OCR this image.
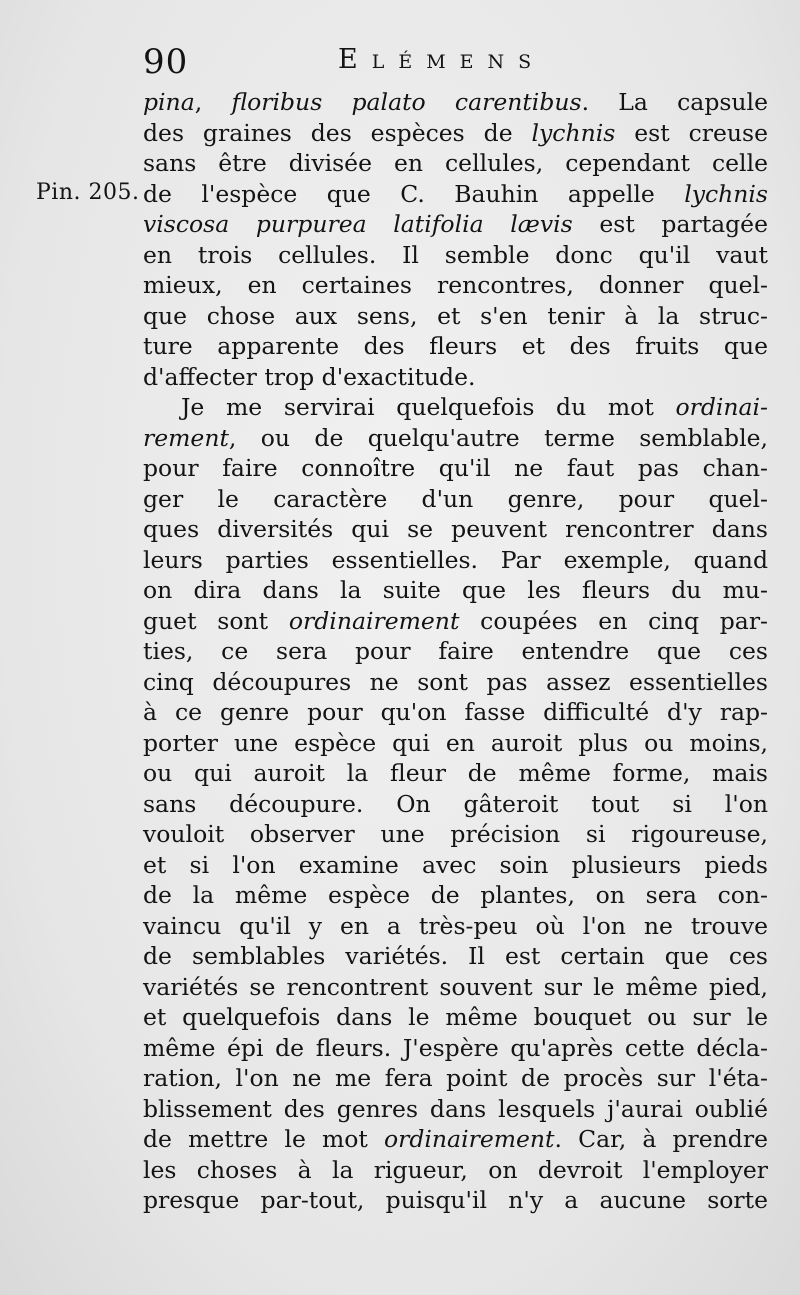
90	Elémens
Pin. 205.
pina, floribus palato carentibus. La capsule
des graines des espèces de lychnis est creuse
sans être divisée en cellules, cependant celle
de l'espèce que C. Bauhin appelle lychnis
viscosa purpurea latifolia lævis est partagée
en trois cellules. Il semble donc qu'il vaut
mieux, en certaines rencontres, donner quel-
que chose aux sens, et s'en tenir à la struc-
ture apparente des fleurs et des fruits que
d'affecter trop d'exactitude.
Je me servirai quelquefois du mot ordinai-
rement, ou de quelqu'autre terme semblable,
pour faire connoître qu'il ne faut pas chan-
ger le caractère d'un genre, pour quel-
ques diversités qui se peuvent rencontrer dans
leurs parties essentielles. Par exemple, quand
on dira dans la suite que les fleurs du mu-
guet sont ordinairement coupées en cinq par-
ties, ce sera pour faire entendre que ces
cinq découpures ne sont pas assez essentielles
à ce genre pour qu'on fasse difficulté d'y rap-
porter une espèce qui en auroit plus ou moins,
ou qui auroit la fleur de même forme, mais
sans découpure. On gâteroit tout si l'on
vouloit observer une précision si rigoureuse,
et si l'on examine avec soin plusieurs pieds
de la même espèce de plantes, on sera con-
vaincu qu'il y en a très-peu où l'on ne trouve
de semblables variétés. Il est certain que ces
variétés se rencontrent souvent sur le même pied,
et quelquefois dans le même bouquet ou sur le
même épi de fleurs. J'espère qu'après cette décla-
ration, l'on ne me fera point de procès sur l'éta-
blissement des genres dans lesquels j'aurai oublié
de mettre le mot ordinairement. Car, à prendre
les choses à la rigueur, on devroit l'employer
presque par-tout, puisqu'il n'y a aucune sorte
